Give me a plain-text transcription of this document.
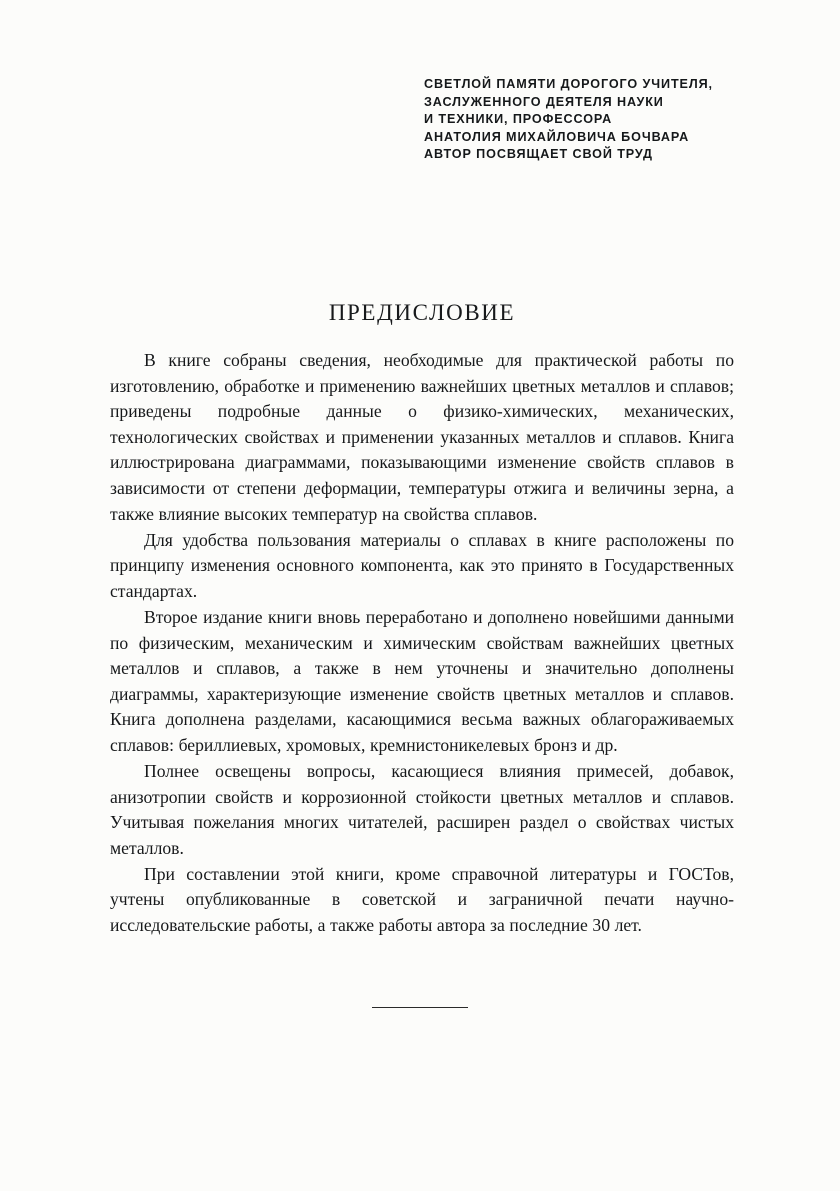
СВЕТЛОЙ ПАМЯТИ ДОРОГОГО УЧИТЕЛЯ,
ЗАСЛУЖЕННОГО ДЕЯТЕЛЯ НАУКИ
И ТЕХНИКИ, ПРОФЕССОРА
АНАТОЛИЯ МИХАЙЛОВИЧА БОЧВАРА
АВТОР ПОСВЯЩАЕТ СВОЙ ТРУД
ПРЕДИСЛОВИЕ

В книге собраны сведения, необходимые для практической работы по изготовлению, обработке и применению важнейших цветных металлов и сплавов; приведены подробные данные о физико-химических, механических, технологических свойствах и применении указанных металлов и сплавов. Книга иллюстрирована диаграммами, показывающими изменение свойств сплавов в зависимости от степени деформации, температуры отжига и величины зерна, а также влияние высоких температур на свойства сплавов.

Для удобства пользования материалы о сплавах в книге расположены по принципу изменения основного компонента, как это принято в Государственных стандартах.

Второе издание книги вновь переработано и дополнено новейшими данными по физическим, механическим и химическим свойствам важнейших цветных металлов и сплавов, а также в нем уточнены и значительно дополнены диаграммы, характеризующие изменение свойств цветных металлов и сплавов. Книга дополнена разделами, касающимися весьма важных облагораживаемых сплавов: бериллиевых, хромовых, кремнистоникелевых бронз и др.

Полнее освещены вопросы, касающиеся влияния примесей, добавок, анизотропии свойств и коррозионной стойкости цветных металлов и сплавов. Учитывая пожелания многих читателей, расширен раздел о свойствах чистых металлов.

При составлении этой книги, кроме справочной литературы и ГОСТов, учтены опубликованные в советской и заграничной печати научно-исследовательские работы, а также работы автора за последние 30 лет.
